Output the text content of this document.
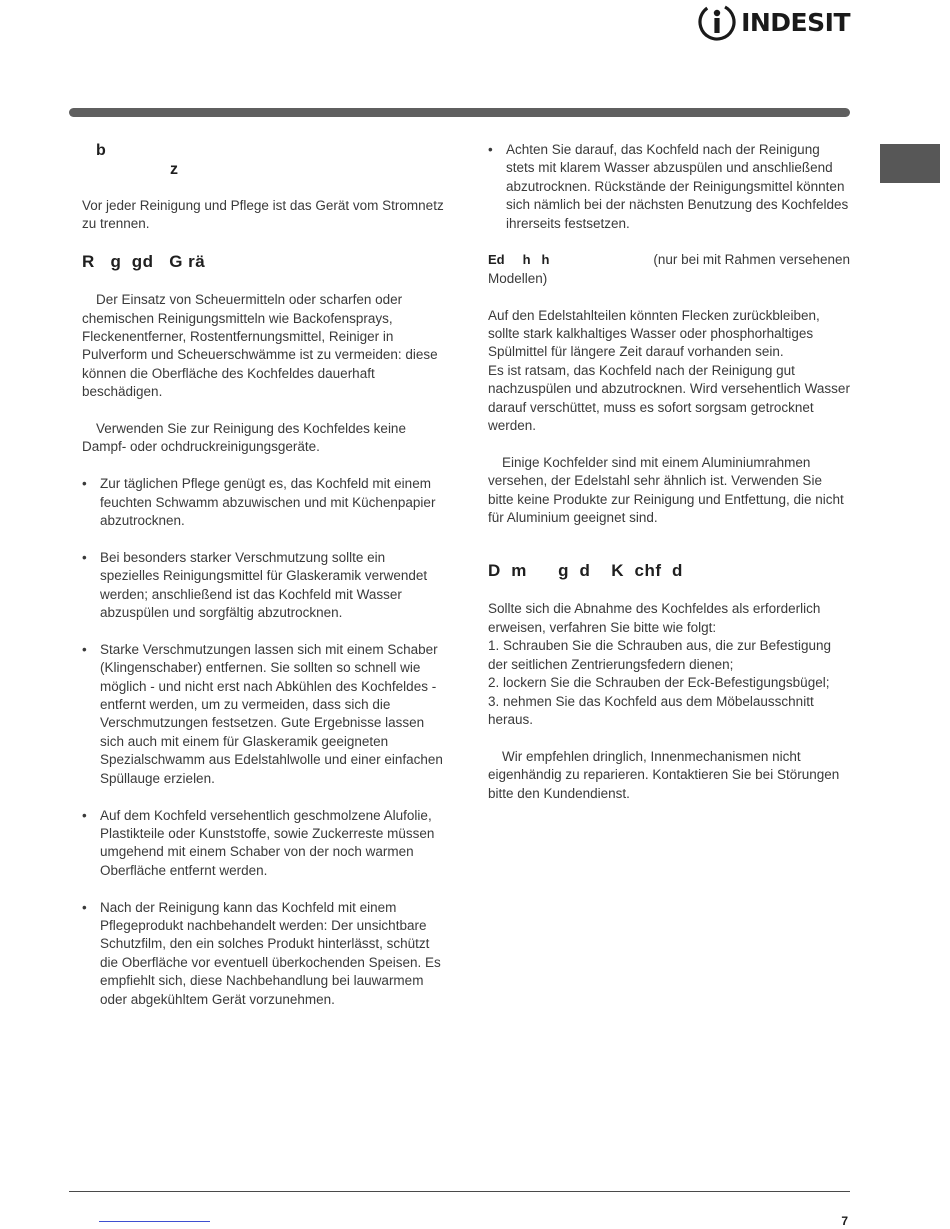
INDESIT
b
z

Vor jeder Reinigung und Pflege ist das Gerät vom Stromnetz zu trennen.

R   g  gd   G rä

Der Einsatz von Scheuermitteln oder scharfen oder chemischen Reinigungsmitteln wie Backofensprays, Fleckenentferner, Rostentfernungsmittel, Reiniger in Pulverform und Scheuerschwämme ist zu vermeiden: diese können die Oberfläche des Kochfeldes dauerhaft beschädigen.

Verwenden Sie zur Reinigung des Kochfeldes keine Dampf- oder ochdruckreinigungsgeräte.

• Zur täglichen Pflege genügt es, das Kochfeld mit einem feuchten Schwamm abzuwischen und mit Küchenpapier abzutrocknen.
• Bei besonders starker Verschmutzung sollte ein spezielles Reinigungsmittel für Glaskeramik verwendet werden; anschließend ist das Kochfeld mit Wasser abzuspülen und sorgfältig abzutrocknen.
• Starke Verschmutzungen lassen sich mit einem Schaber (Klingenschaber) entfernen. Sie sollten so schnell wie möglich - und nicht erst nach Abkühlen des Kochfeldes - entfernt werden, um zu vermeiden, dass sich die Verschmutzungen festsetzen. Gute Ergebnisse lassen sich auch mit einem für Glaskeramik geeigneten Spezialschwamm aus Edelstahlwolle und einer einfachen Spüllauge erzielen.
• Auf dem Kochfeld versehentlich geschmolzene Alufolie, Plastikteile oder Kunststoffe, sowie Zuckerreste müssen umgehend mit einem Schaber von der noch warmen Oberfläche entfernt werden.
• Nach der Reinigung kann das Kochfeld mit einem Pflegeprodukt nachbehandelt werden: Der unsichtbare Schutzfilm, den ein solches Produkt hinterlässt, schützt die Oberfläche vor eventuell überkochenden Speisen. Es empfiehlt sich, diese Nachbehandlung bei lauwarmem oder abgekühltem Gerät vorzunehmen.
• Achten Sie darauf, das Kochfeld nach der Reinigung stets mit klarem Wasser abzuspülen und anschließend abzutrocknen. Rückstände der Reinigungsmittel könnten sich nämlich bei der nächsten Benutzung des Kochfeldes ihrerseits festsetzen.
Ed     h   h	(nur bei mit Rahmen versehenen

Modellen)

Auf den Edelstahlteilen könnten Flecken zurückbleiben, sollte stark kalkhaltiges Wasser oder phosphorhaltiges Spülmittel für längere Zeit darauf vorhanden sein.

Es ist ratsam, das Kochfeld nach der Reinigung gut nachzuspülen und abzutrocknen. Wird versehentlich Wasser darauf verschüttet, muss es sofort sorgsam getrocknet werden.

Einige Kochfelder sind mit einem Aluminiumrahmen versehen, der Edelstahl sehr ähnlich ist. Verwenden Sie bitte keine Produkte zur Reinigung und Entfettung, die nicht für Aluminium geeignet sind.

D  m      g  d    K  chf  d
Sollte sich die Abnahme des Kochfeldes als erforderlich erweisen, verfahren Sie bitte wie folgt:
1. Schrauben Sie die Schrauben aus, die zur Befestigung der seitlichen Zentrierungsfedern dienen;
2. lockern Sie die Schrauben der Eck-Befestigungsbügel;

3. nehmen Sie das Kochfeld aus dem Möbelausschnitt heraus.

Wir empfehlen dringlich, Innenmechanismen nicht eigenhändig zu reparieren. Kontaktieren Sie bei Störungen bitte den Kundendienst.

7
